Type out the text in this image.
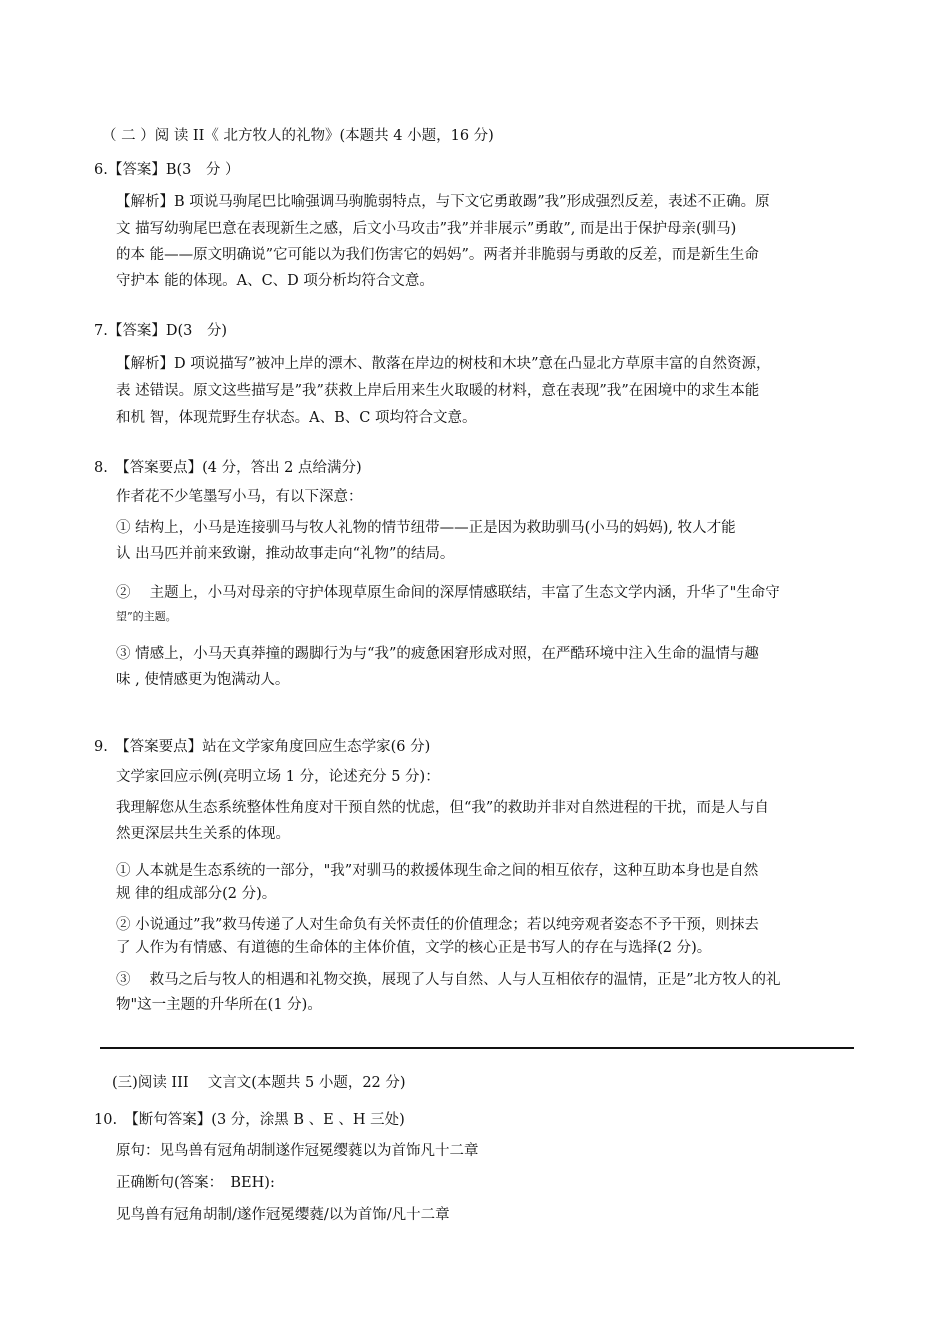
（ 二 ）阅 读 II《 北方牧人的礼物》(本题共 4 小题，16 分)
6.【答案】B(3　分 ）
【解析】B 项说马驹尾巴比喻强调马驹脆弱特点，与下文它勇敢踢”我”形成强烈反差，表述不正确。原
文 描写幼驹尾巴意在表现新生之感，后文小马攻击”我”并非展示”勇敢”, 而是出于保护母亲(驯马)
的本 能——原文明确说”它可能以为我们伤害它的妈妈”。两者并非脆弱与勇敢的反差，而是新生生命
守护本 能的体现。A、C、D 项分析均符合文意。
7.【答案】D(3　分)
【解析】D 项说描写”被冲上岸的漂木、散落在岸边的树枝和木块”意在凸显北方草原丰富的自然资源，
表 述错误。原文这些描写是”我”获救上岸后用来生火取暖的材料，意在表现”我”在困境中的求生本能
和机 智，体现荒野生存状态。A、B、C 项均符合文意。
8.　【答案要点】(4 分，答出 2 点给满分)
作者花不少笔墨写小马，有以下深意：
① 结构上，小马是连接驯马与牧人礼物的情节纽带——正是因为救助驯马(小马的妈妈), 牧人才能
认 出马匹并前来致谢，推动故事走向“礼物”的结局。
②　 主题上，小马对母亲的守护体现草原生命间的深厚情感联结，丰富了生态文学内涵，升华了"生命守
望”的主题。
③ 情感上，小马天真莽撞的踢脚行为与“我”的疲惫困窘形成对照，在严酷环境中注入生命的温情与趣
味 , 使情感更为饱满动人。
9.　【答案要点】站在文学家角度回应生态学家(6 分)
文学家回应示例(亮明立场 1 分，论述充分 5 分)：
我理解您从生态系统整体性角度对干预自然的忧虑，但“我”的救助并非对自然进程的干扰，而是人与自
然更深层共生关系的体现。
① 人本就是生态系统的一部分，"我”对驯马的救援体现生命之间的相互依存，这种互助本身也是自然
规 律的组成部分(2 分)。
② 小说通过”我”救马传递了人对生命负有关怀责任的价值理念；若以纯旁观者姿态不予干预，则抹去
了 人作为有情感、有道德的生命体的主体价值，文学的核心正是书写人的存在与选择(2 分)。
③　 救马之后与牧人的相遇和礼物交换，展现了人与自然、人与人互相依存的温情，正是”北方牧人的礼
物"这一主题的升华所在(1 分)。
(三)阅读 III　 文言文(本题共 5 小题，22 分)
10.　【断句答案】(3 分，涂黑 B 、E 、H 三处)
原句：见鸟兽有冠角胡制遂作冠冕缨蕤以为首饰凡十二章
正确断句(答案：　BEH):
见鸟兽有冠角胡制/遂作冠冕缨蕤/以为首饰/凡十二章
